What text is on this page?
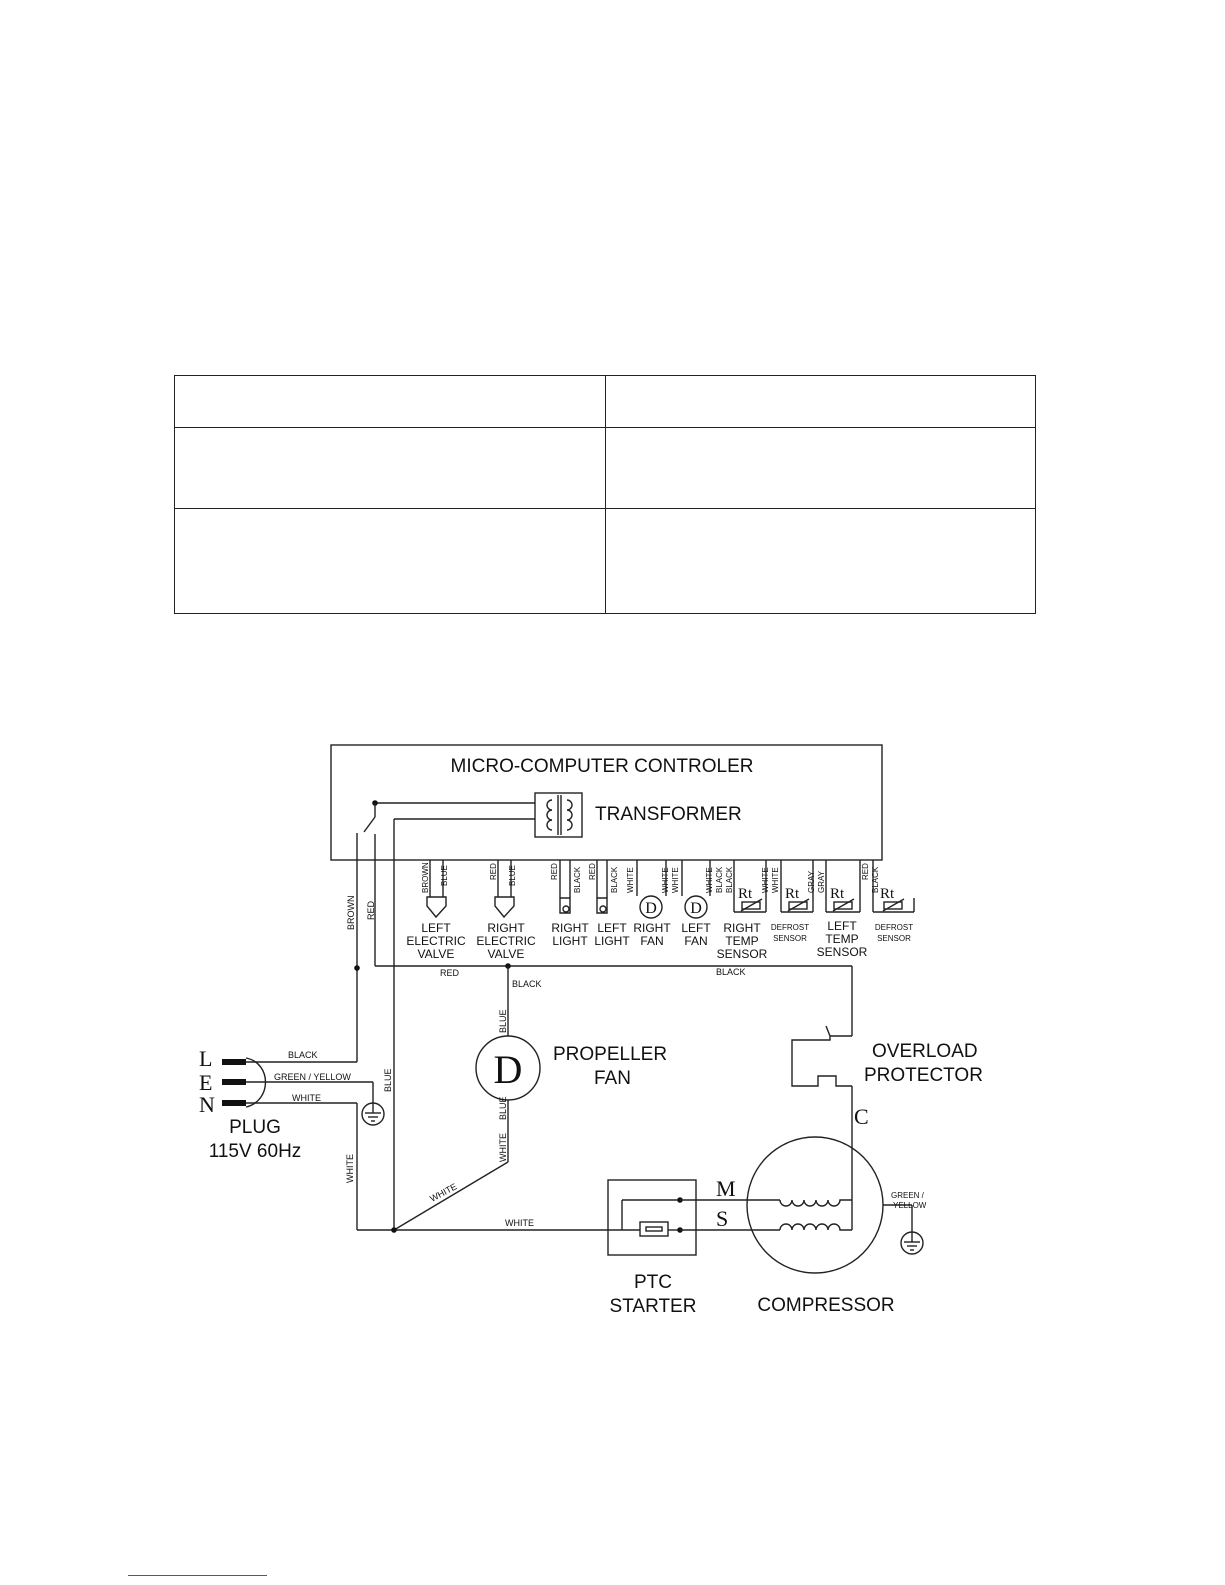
MICRO-COMPUTER CONTROLER
TRANSFORMER
BROWN RED
BLUE
BROWN BLUE
LEFT
ELECTRIC
VALVE
RED BLUE
RIGHT
ELECTRIC
VALVE
RED BLACK
RIGHT
LIGHT
RED BLACK
LEFT
LIGHT
WHITE
D
WHITE WHITE
RIGHT
FAN
D
WHITE
LEFT
FAN
BLACK BLACK
Rt
RIGHT
TEMP
SENSOR
WHITE WHITE
Rt
DEFROST
SENSOR
GRAY GRAY
Rt
LEFT
TEMP
SENSOR
RED BLACK
Rt
DEFROST
SENSOR
RED	BLACK
BLACK
BLUE
D PROPELLER
FAN
BLUE
WHITE
WHITE
L
E
N
PLUG
115V 60Hz
BLACK
GREEN / YELLOW
WHITE
WHITE
WHITE
PTC
STARTER
M
S
C
COMPRESSOR
GREEN /
YELLOW
OVERLOAD
PROTECTOR
